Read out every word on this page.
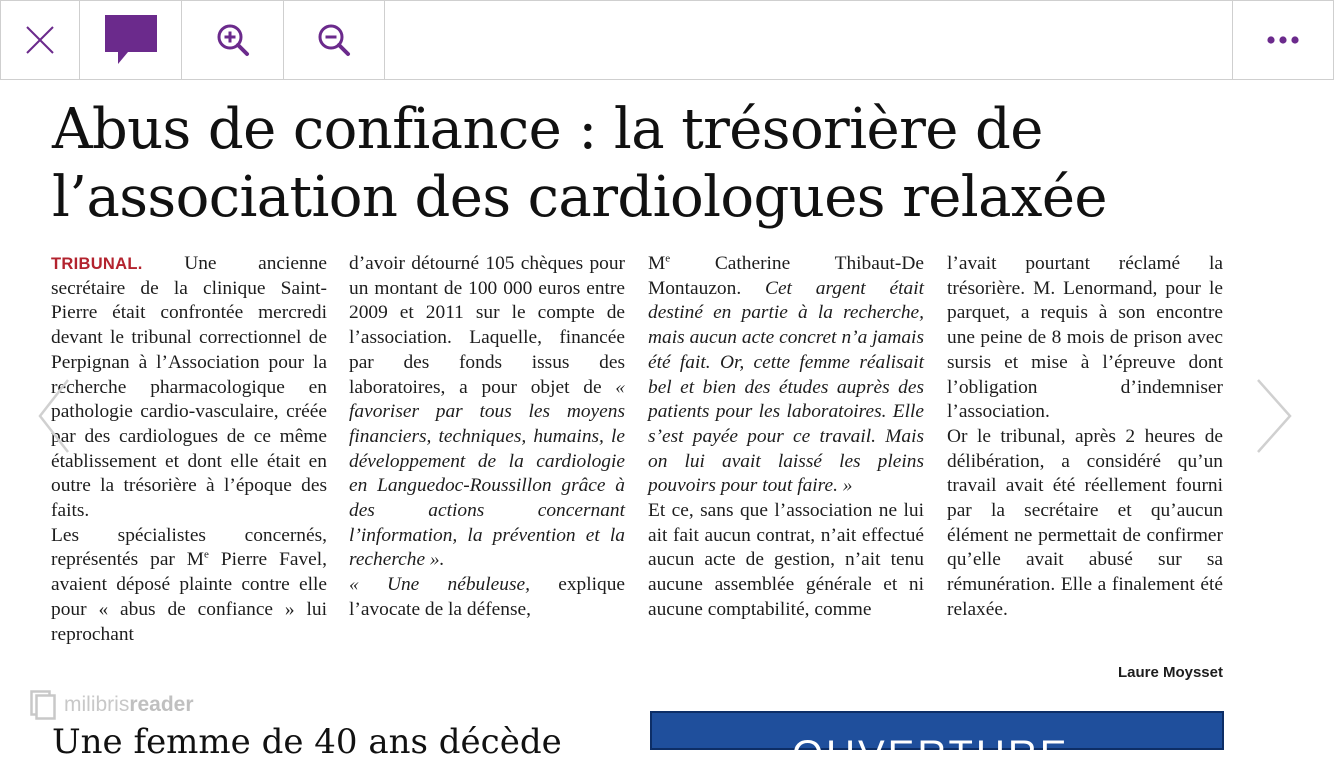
Abus de confiance : la trésorière de
l’association des cardiologues relaxée

TRIBUNAL. Une ancienne secrétaire de la clinique Saint-Pierre était confrontée mercredi devant le tribunal correctionnel de Perpignan à l’Association pour la recherche pharmacologique en pathologie cardio-vasculaire, créée par des cardiologues de ce même établissement et dont elle était en outre la trésorière à l’époque des faits.

Les spécialistes concernés, représentés par Me Pierre Favel, avaient déposé plainte contre elle pour « abus de confiance » lui reprochant

d’avoir détourné 105 chèques pour un montant de 100 000 euros entre 2009 et 2011 sur le compte de l’association. Laquelle, financée par des fonds issus des laboratoires, a pour objet de « favoriser par tous les moyens financiers, techniques, humains, le développement de la cardiologie en Languedoc-Roussillon grâce à des actions concernant l’information, la prévention et la recherche ».

« Une nébuleuse, explique l’avocate de la défense,

Me Catherine Thibaut-De Montauzon. Cet argent était destiné en partie à la recherche, mais aucun acte concret n’a jamais été fait. Or, cette femme réalisait bel et bien des études auprès des patients pour les laboratoires. Elle s’est payée pour ce travail. Mais on lui avait laissé les pleins pouvoirs pour tout faire. »

Et ce, sans que l’association ne lui ait fait aucun contrat, n’ait effectué aucun acte de gestion, n’ait tenu aucune assemblée générale et ni aucune comptabilité, comme

l’avait pourtant réclamé la trésorière. M. Lenormand, pour le parquet, a requis à son encontre une peine de 8 mois de prison avec sursis et mise à l’épreuve dont l’obligation d’indemniser l’association.

Or le tribunal, après 2 heures de délibération, a considéré qu’un travail avait été réellement fourni par la secrétaire et qu’aucun élément ne permettait de confirmer qu’elle avait abusé sur sa rémunération. Elle a finalement été relaxée.

Laure Moysset
Une femme de 40 ans décède	OUVERTURE
milibrisreader
